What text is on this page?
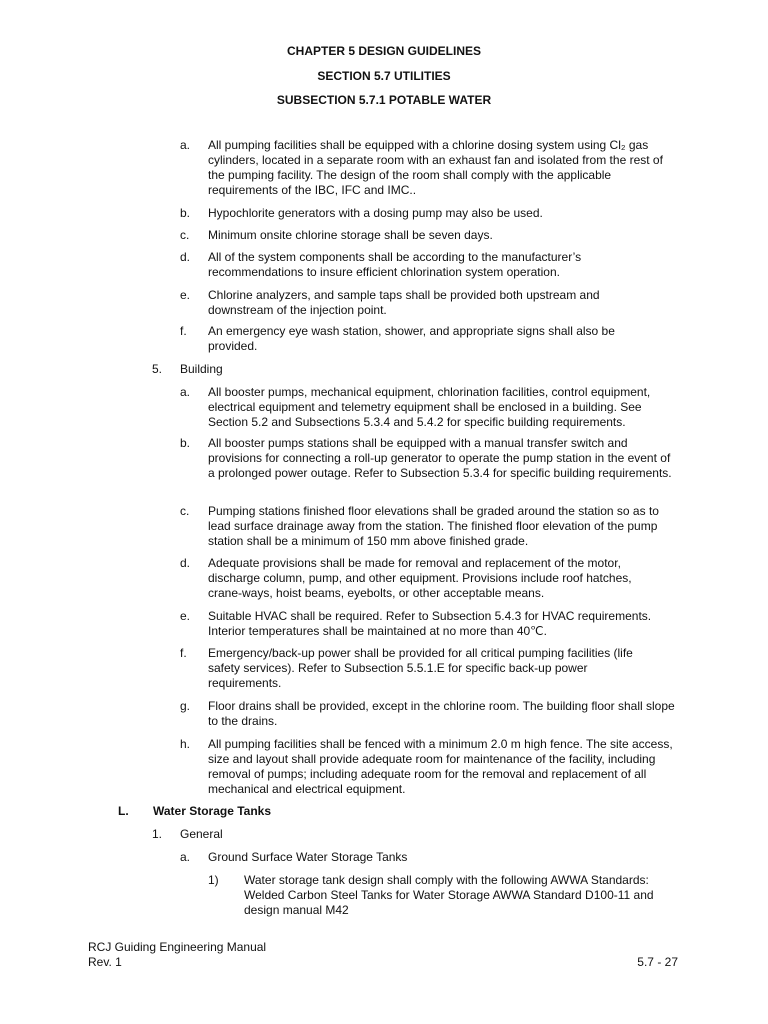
CHAPTER 5 DESIGN GUIDELINES
SECTION 5.7 UTILITIES
SUBSECTION 5.7.1 POTABLE WATER
a. All pumping facilities shall be equipped with a chlorine dosing system using Cl₂ gas cylinders, located in a separate room with an exhaust fan and isolated from the rest of the pumping facility. The design of the room shall comply with the applicable requirements of the IBC, IFC and IMC..
b. Hypochlorite generators with a dosing pump may also be used.
c. Minimum onsite chlorine storage shall be seven days.
d. All of the system components shall be according to the manufacturer’s recommendations to insure efficient chlorination system operation.
e. Chlorine analyzers, and sample taps shall be provided both upstream and downstream of the injection point.
f. An emergency eye wash station, shower, and appropriate signs shall also be provided.
5. Building
a. All booster pumps, mechanical equipment, chlorination facilities, control equipment, electrical equipment and telemetry equipment shall be enclosed in a building. See Section 5.2 and Subsections 5.3.4 and 5.4.2 for specific building requirements.
b. All booster pumps stations shall be equipped with a manual transfer switch and provisions for connecting a roll-up generator to operate the pump station in the event of a prolonged power outage. Refer to Subsection 5.3.4 for specific building requirements.
c. Pumping stations finished floor elevations shall be graded around the station so as to lead surface drainage away from the station. The finished floor elevation of the pump station shall be a minimum of 150 mm above finished grade.
d. Adequate provisions shall be made for removal and replacement of the motor, discharge column, pump, and other equipment. Provisions include roof hatches, crane-ways, hoist beams, eyebolts, or other acceptable means.
e. Suitable HVAC shall be required. Refer to Subsection 5.4.3 for HVAC requirements. Interior temperatures shall be maintained at no more than 40℃.
f. Emergency/back-up power shall be provided for all critical pumping facilities (life safety services). Refer to Subsection 5.5.1.E for specific back-up power requirements.
g. Floor drains shall be provided, except in the chlorine room. The building floor shall slope to the drains.
h. All pumping facilities shall be fenced with a minimum 2.0 m high fence. The site access, size and layout shall provide adequate room for maintenance of the facility, including removal of pumps; including adequate room for the removal and replacement of all mechanical and electrical equipment.
L. Water Storage Tanks
1. General
a. Ground Surface Water Storage Tanks
1) Water storage tank design shall comply with the following AWWA Standards: Welded Carbon Steel Tanks for Water Storage AWWA Standard D100-11 and design manual M42
RCJ Guiding Engineering Manual
Rev. 1	5.7 - 27
